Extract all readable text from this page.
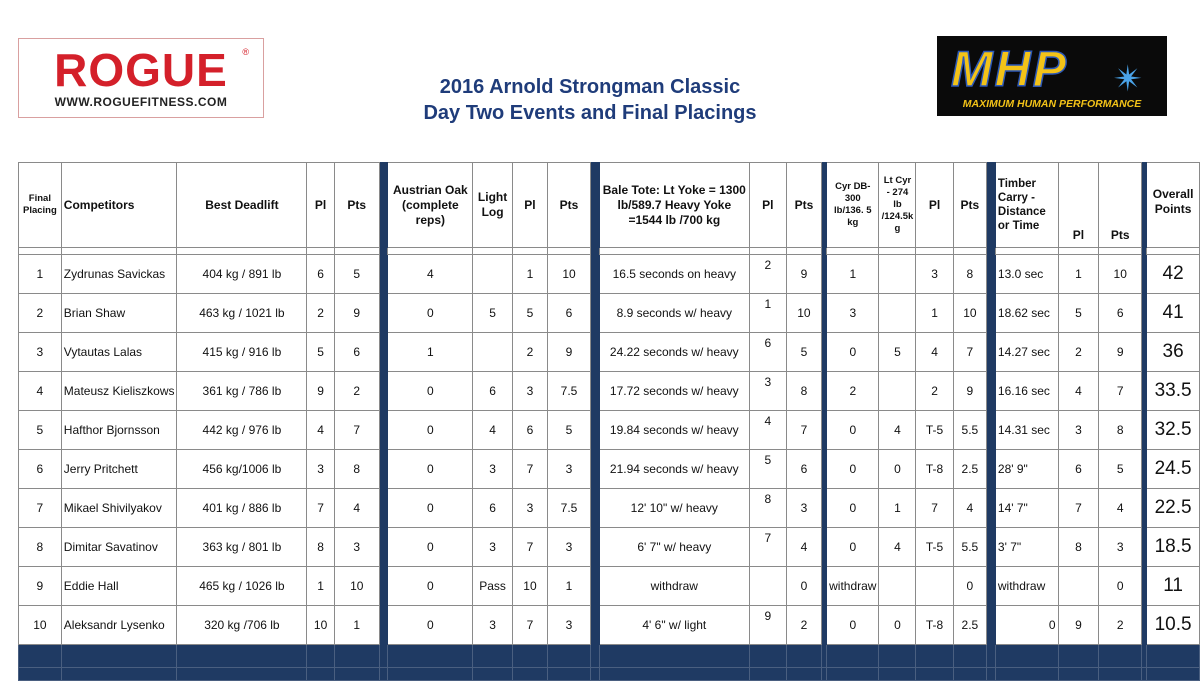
ROGUE	®
WWW.ROGUEFITNESS.COM
2016 Arnold Strongman Classic
Day Two Events and Final Placings
MHP ✴
MAXIMUM HUMAN PERFORMANCE
Final Placing	Competitors	Best Deadlift	Pl	Pts		Austrian Oak (complete reps)	Light Log	Pl	Pts		Bale Tote: Lt Yoke = 1300 lb/589.7 Heavy Yoke =1544 lb /700 kg	Pl	Pts		Cyr DB- 300 lb/136. 5 kg	Lt Cyr - 274 lb /124.5k g	Pl	Pts		Timber Carry - Distance or Time	Pl	Pts		Overall Points

1	Zydrunas Savickas	404 kg / 891 lb	6	5		4		1	10		16.5 seconds on heavy	2	9		1		3	8		13.0 sec	1	10		42
2	Brian Shaw	463 kg / 1021 lb	2	9		0	5	5	6		8.9 seconds w/ heavy	1	10		3		1	10		18.62 sec	5	6		41
3	Vytautas Lalas	415 kg / 916 lb	5	6		1		2	9		24.22 seconds w/ heavy	6	5		0	5	4	7		14.27 sec	2	9		36
4	Mateusz Kieliszkows	361 kg / 786 lb	9	2		0	6	3	7.5		17.72 seconds w/ heavy	3	8		2		2	9		16.16 sec	4	7		33.5
5	Hafthor Bjornsson	442 kg / 976 lb	4	7		0	4	6	5		19.84 seconds w/ heavy	4	7		0	4	T-5	5.5		14.31 sec	3	8		32.5
6	Jerry Pritchett	456 kg/1006 lb	3	8		0	3	7	3		21.94 seconds w/ heavy	5	6		0	0	T-8	2.5		28' 9"	6	5		24.5
7	Mikael Shivilyakov	401 kg / 886 lb	7	4		0	6	3	7.5		12' 10" w/ heavy	8	3		0	1	7	4		14' 7"	7	4		22.5
8	Dimitar Savatinov	363 kg / 801 lb	8	3		0	3	7	3		6' 7" w/ heavy	7	4		0	4	T-5	5.5		3' 7"	8	3		18.5
9	Eddie Hall	465 kg / 1026 lb	1	10		0	Pass	10	1		withdraw		0		withdraw			0		withdraw		0		11
10	Aleksandr Lysenko	320 kg /706 lb	10	1		0	3	7	3		4' 6" w/ light	9	2		0	0	T-8	2.5		0	9	2		10.5
